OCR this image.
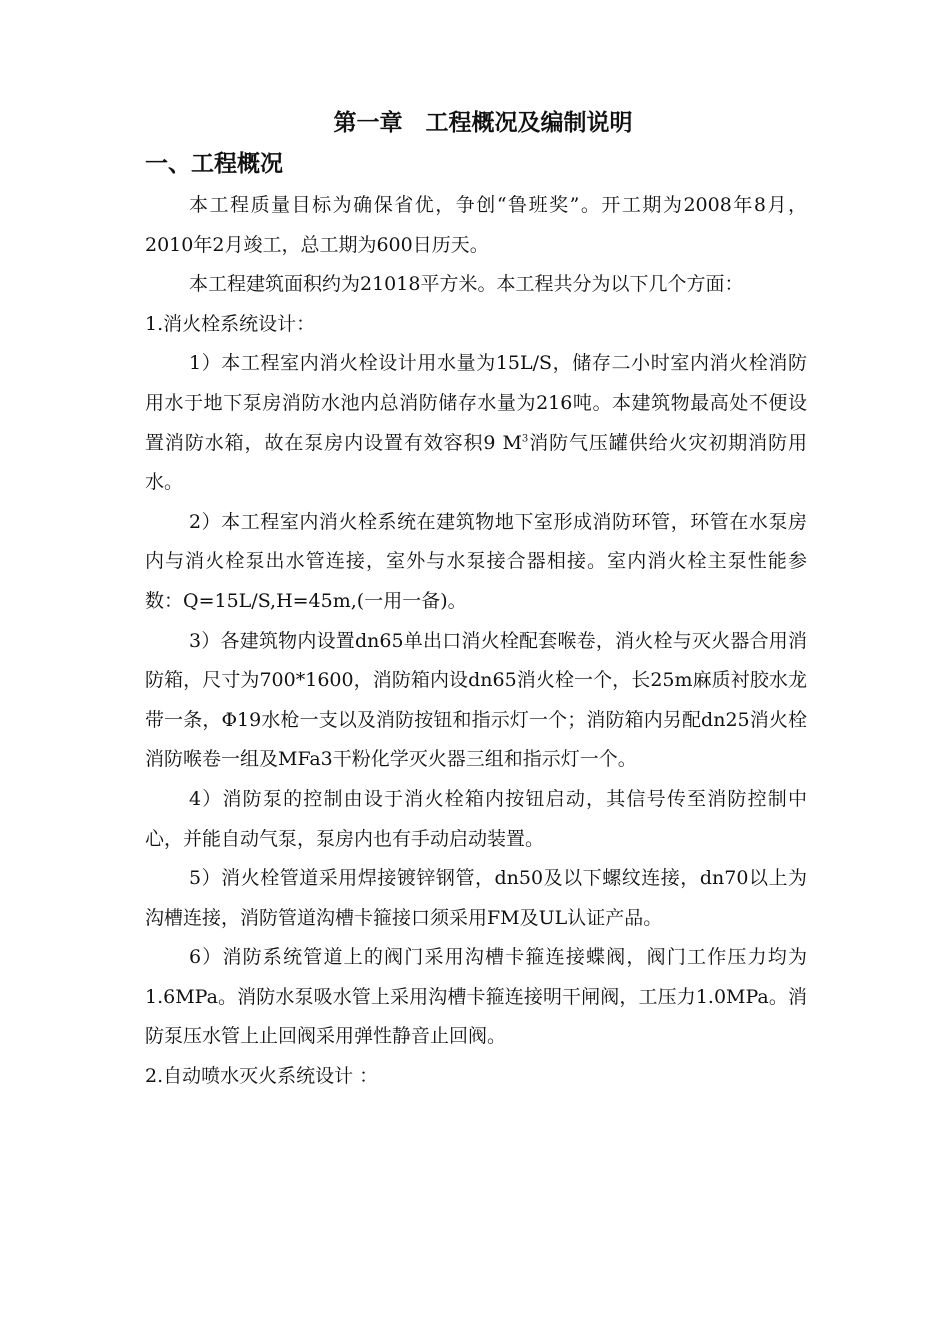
第一章　工程概况及编制说明
一、工程概况

本工程质量目标为确保省优，争创“鲁班奖”。开工期为2008年8月，2010年2月竣工，总工期为600日历天。

本工程建筑面积约为21018平方米。本工程共分为以下几个方面：

1.消火栓系统设计：

1）本工程室内消火栓设计用水量为15L/S，储存二小时室内消火栓消防用水于地下泵房消防水池内总消防储存水量为216吨。本建筑物最高处不便设置消防水箱，故在泵房内设置有效容积9 $M^3$消防气压罐供给火灾初期消防用水。

2）本工程室内消火栓系统在建筑物地下室形成消防环管，环管在水泵房内与消火栓泵出水管连接，室外与水泵接合器相接。室内消火栓主泵性能参数：Q=15L/S,H=45m,(一用一备)。

3）各建筑物内设置dn65单出口消火栓配套喉卷，消火栓与灭火器合用消防箱，尺寸为700*1600，消防箱内设dn65消火栓一个，长25m麻质衬胶水龙带一条，Φ19水枪一支以及消防按钮和指示灯一个；消防箱内另配dn25消火栓消防喉卷一组及MFa3干粉化学灭火器三组和指示灯一个。

4）消防泵的控制由设于消火栓箱内按钮启动，其信号传至消防控制中心，并能自动气泵，泵房内也有手动启动装置。

5）消火栓管道采用焊接镀锌钢管，dn50及以下螺纹连接，dn70以上为沟槽连接，消防管道沟槽卡箍接口须采用FM及UL认证产品。

6）消防系统管道上的阀门采用沟槽卡箍连接蝶阀，阀门工作压力均为1.6MPa。消防水泵吸水管上采用沟槽卡箍连接明干闸阀，工压力1.0MPa。消防泵压水管上止回阀采用弹性静音止回阀。

2.自动喷水灭火系统设计 ：
